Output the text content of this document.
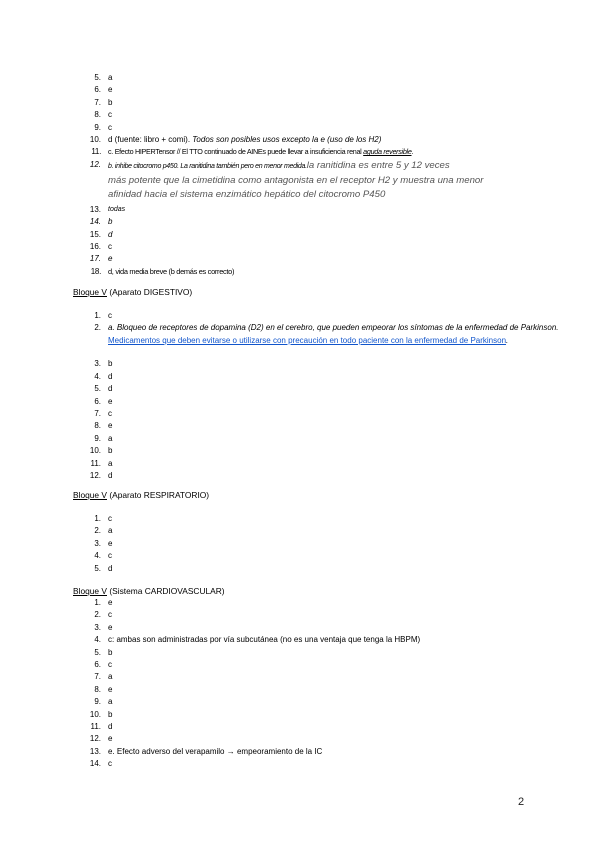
5. a
6. e
7. b
8. c
9. c
10. d (fuente: libro + comi). Todos son posibles usos excepto la e (uso de los H2)
11. c. Efecto HIPERTensor // El TTO continuado de AINEs puede llevar a insuficiencia renal aguda reversible.
12. b. inhibe citocromo p450. La ranitidina también pero en menor medida.la ranitidina es entre 5 y 12 veces
más potente que la cimetidina como antagonista en el receptor H2 y muestra una menor
afinidad hacia el sistema enzimático hepático del citocromo P450
13. todas
14. b
15. d
16. c
17. e
18. d, vida media breve (b demás es correcto)
Bloque V (Aparato DIGESTIVO)
1. c
2. a. Bloqueo de receptores de dopamina (D2) en el cerebro, que pueden empeorar los síntomas de la enfermedad de Parkinson. Medicamentos que deben evitarse o utilizarse con precaución en todo paciente con la enfermedad de Parkinson.
3. b
4. d
5. d
6. e
7. c
8. e
9. a
10. b
11. a
12. d
Bloque V (Aparato RESPIRATORIO)
1. c
2. a
3. e
4. c
5. d
Bloque V (Sistema CARDIOVASCULAR)
1. e
2. c
3. e
4. c: ambas son administradas por vía subcutánea (no es una ventaja que tenga la HBPM)
5. b
6. c
7. a
8. e
9. a
10. b
11. d
12. e
13. e. Efecto adverso del verapamilo → empeoramiento de la IC
14. c
2
